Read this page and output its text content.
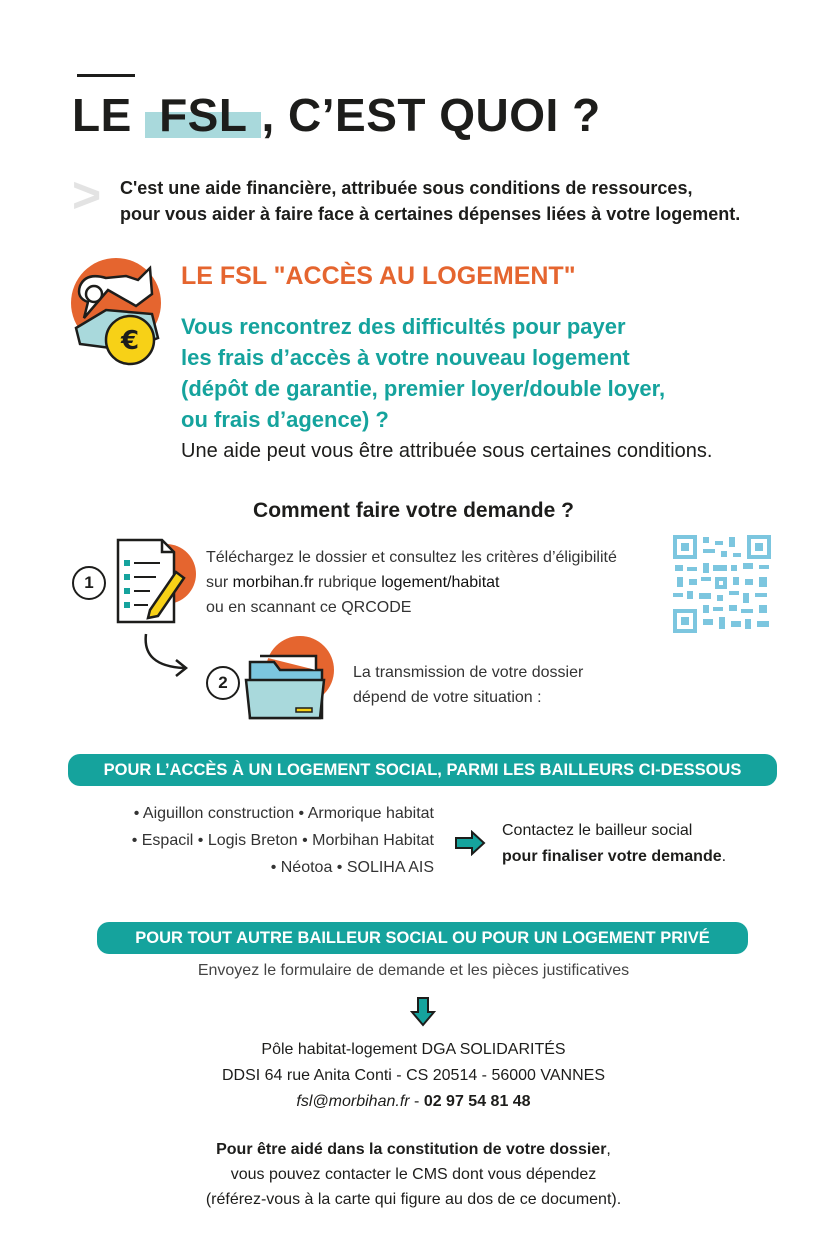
LE FSL , C’EST QUOI ?
> C'est une aide financière, attribuée sous conditions de ressources,
pour vous aider à faire face à certaines dépenses liées à votre logement.
€
LE FSL "ACCÈS AU LOGEMENT"
Vous rencontrez des difficultés pour payer
les frais d’accès à votre nouveau logement
(dépôt de garantie, premier loyer/double loyer,
ou frais d’agence) ?
Une aide peut vous être attribuée sous certaines conditions.
Comment faire votre demande ?
1
Téléchargez le dossier et consultez les critères d’éligibilité
sur morbihan.fr rubrique logement/habitat
ou en scannant ce QRCODE
2
La transmission de votre dossier
dépend de votre situation :
POUR L’ACCÈS À UN LOGEMENT SOCIAL, PARMI LES BAILLEURS CI-DESSOUS
• Aiguillon construction • Armorique habitat
• Espacil • Logis Breton • Morbihan Habitat
• Néotoa • SOLIHA AIS
Contactez le bailleur social
pour finaliser votre demande.
POUR TOUT AUTRE BAILLEUR SOCIAL OU POUR UN LOGEMENT PRIVÉ
Envoyez le formulaire de demande et les pièces justificatives
Pôle habitat-logement DGA SOLIDARITÉS
DDSI 64 rue Anita Conti - CS 20514 - 56000 VANNES
fsl@morbihan.fr - 02 97 54 81 48
Pour être aidé dans la constitution de votre dossier,
vous pouvez contacter le CMS dont vous dépendez
(référez-vous à la carte qui figure au dos de ce document).
